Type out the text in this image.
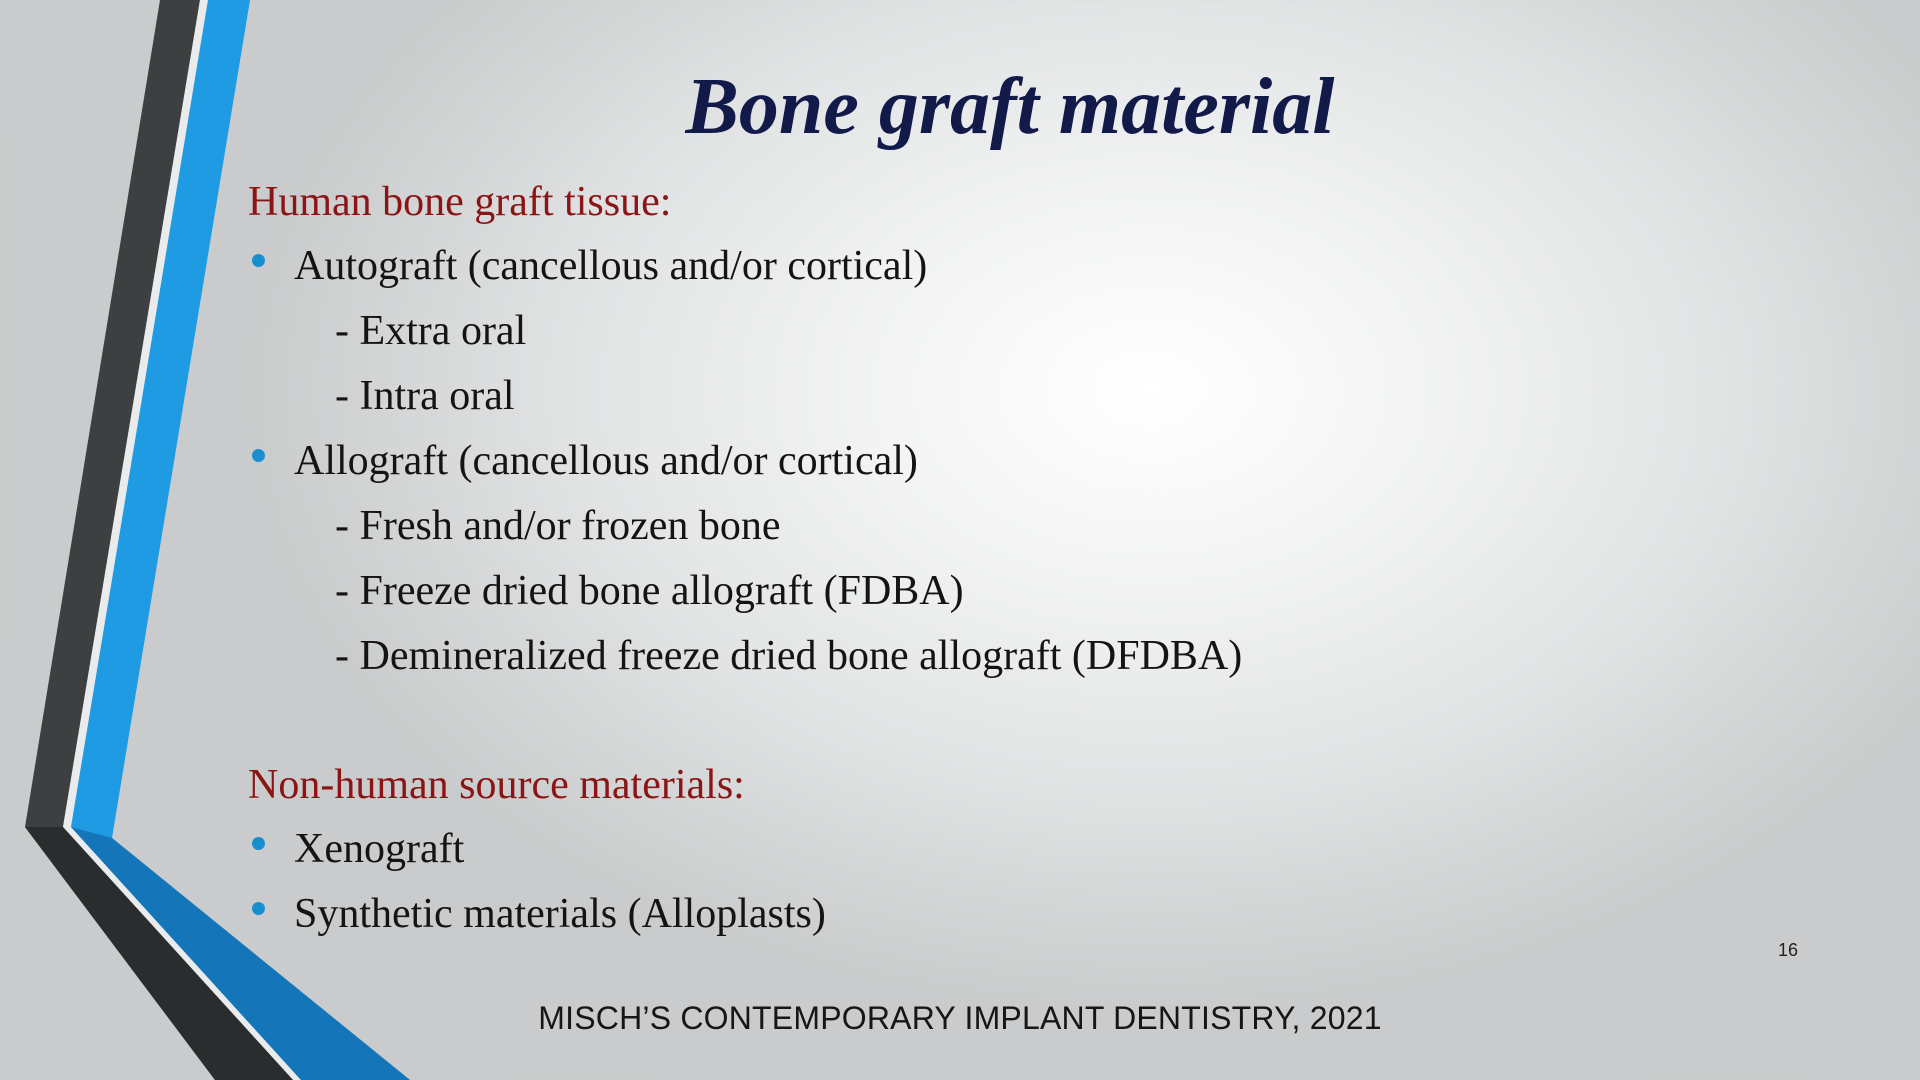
Bone graft material
Human bone graft tissue:
Autograft (cancellous and/or cortical)
- Extra oral
- Intra oral
Allograft (cancellous and/or cortical)
- Fresh and/or frozen bone
- Freeze dried bone allograft (FDBA)
- Demineralized freeze dried bone allograft (DFDBA)
Non-human source materials:
Xenograft
Synthetic materials (Alloplasts)
16
MISCH’S CONTEMPORARY IMPLANT DENTISTRY, 2021
